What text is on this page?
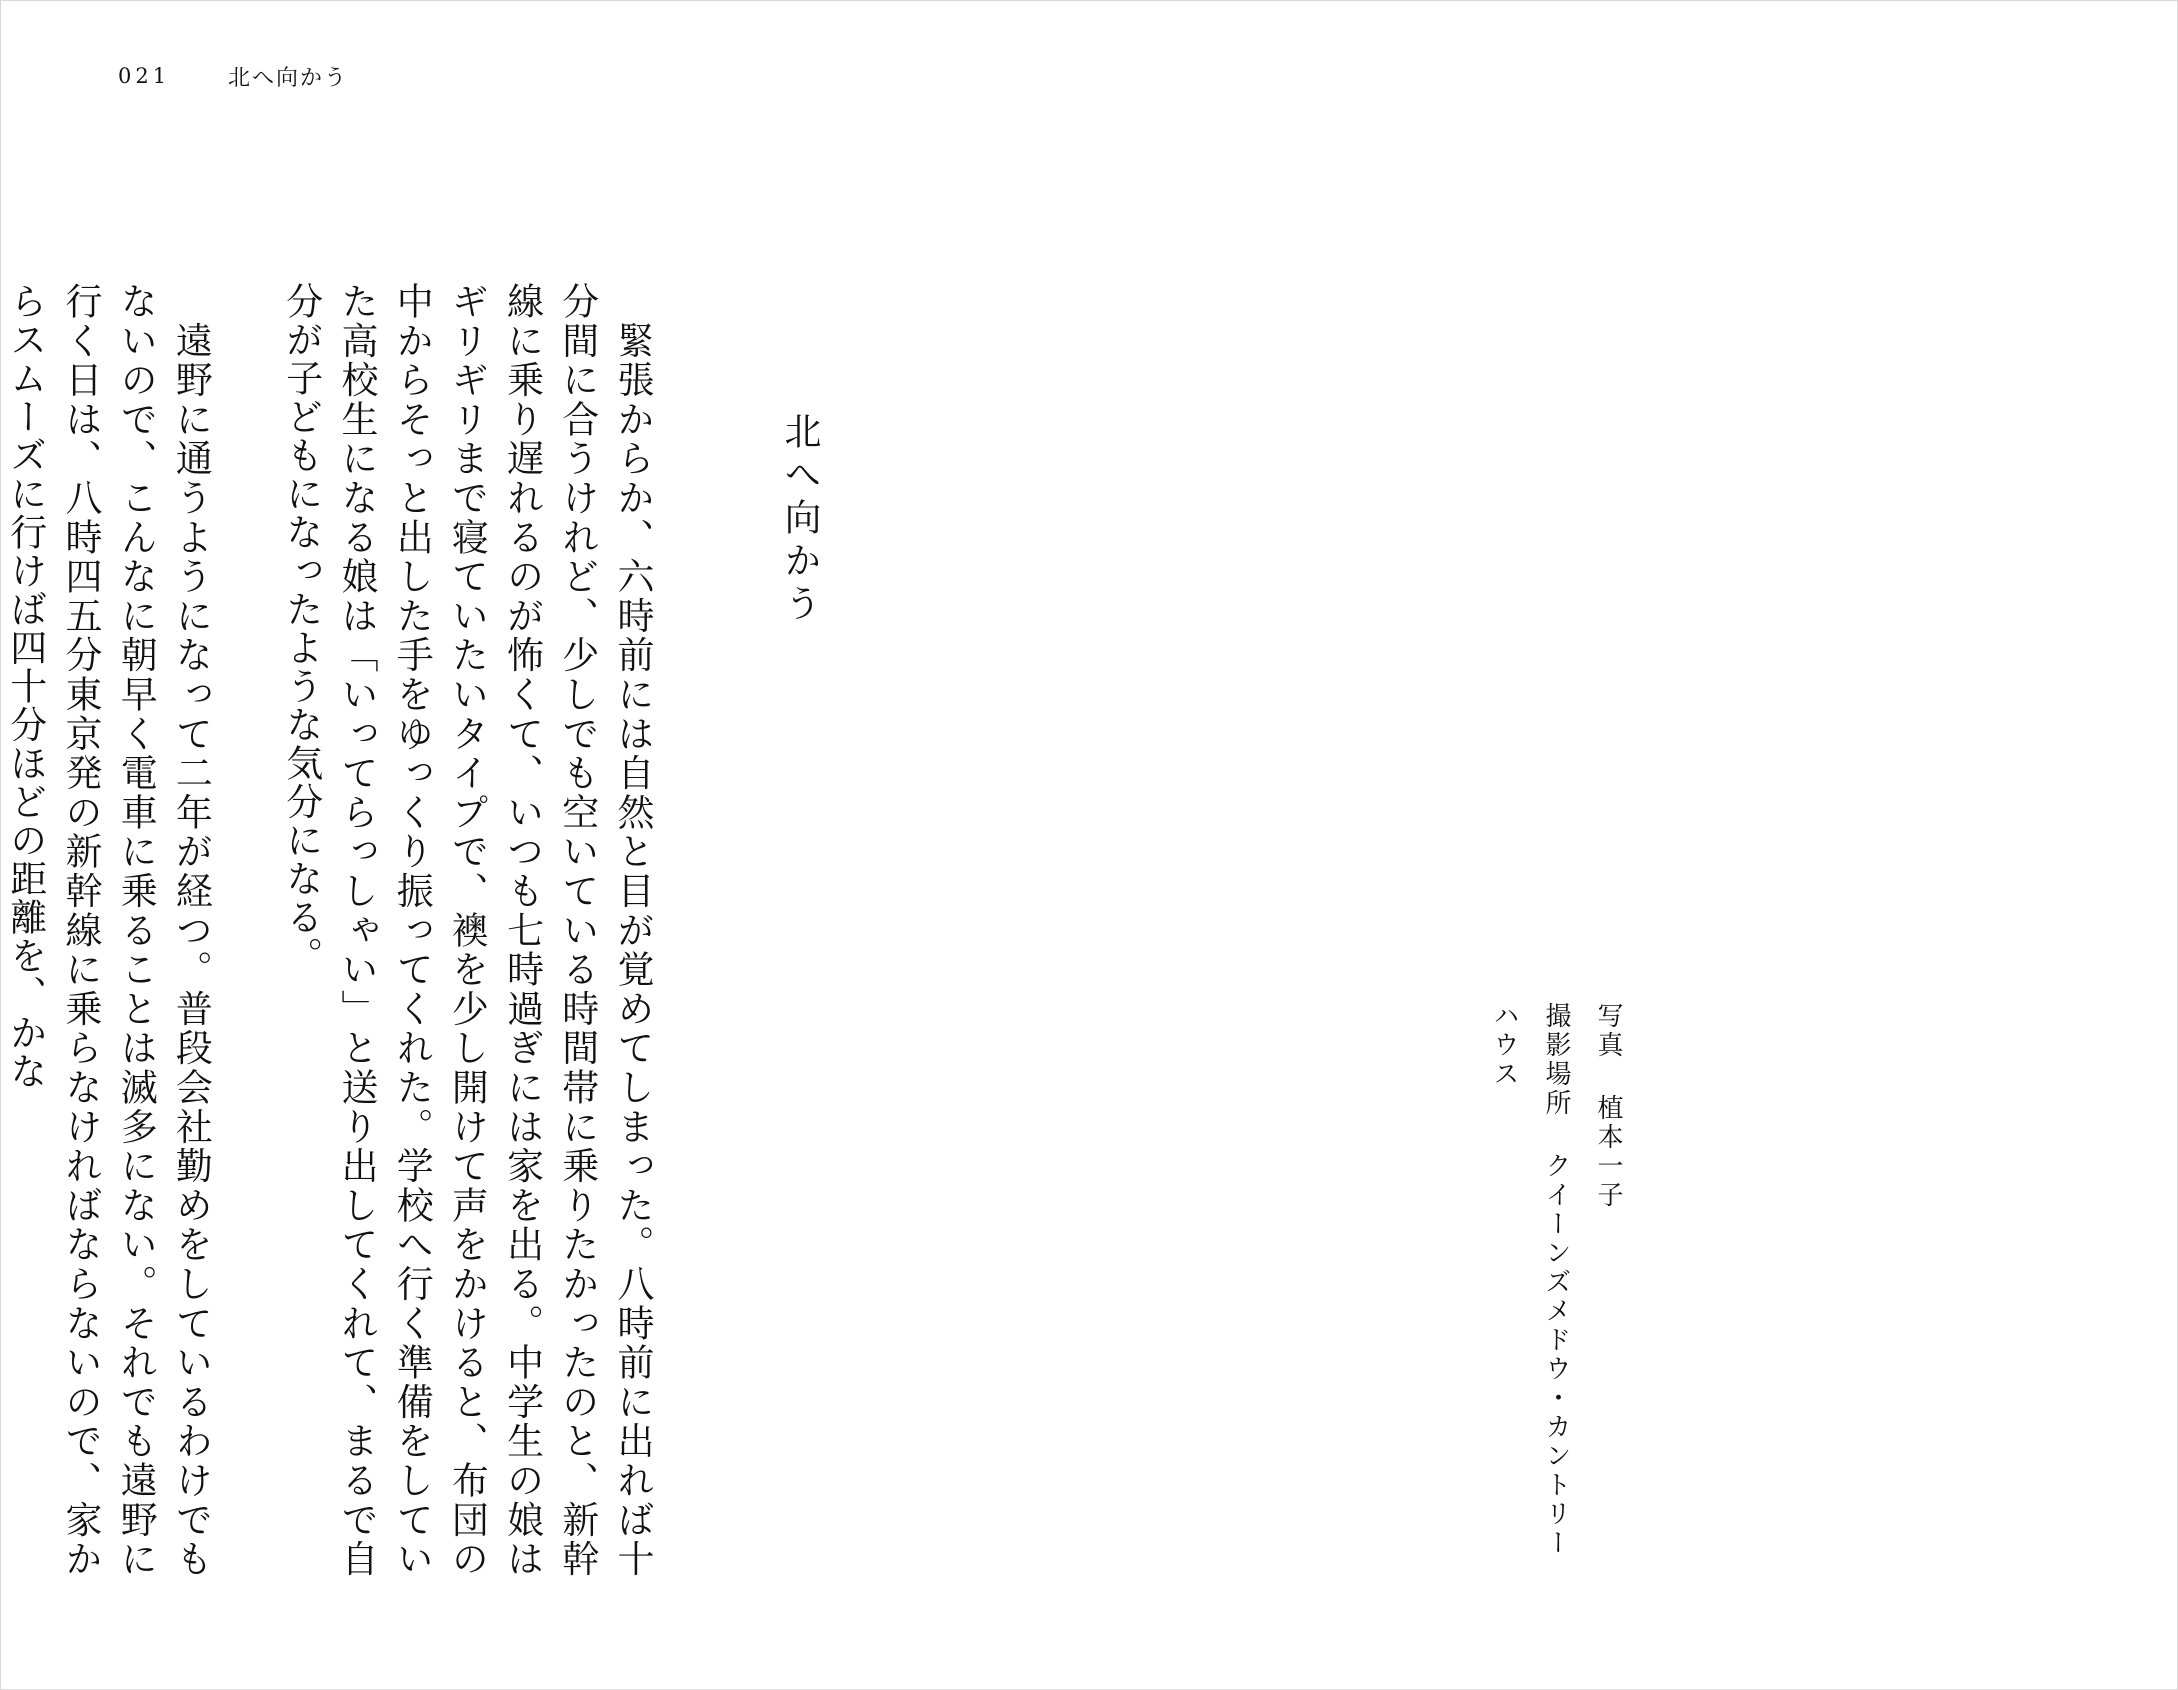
021	北へ向かう
北へ向かう

　緊張からか、六時前には自然と目が覚めてしまった。八時前に出れば十分間に合うけれど、少しでも空いている時間帯に乗りたかったのと、新幹線に乗り遅れるのが怖くて、いつも七時過ぎには家を出る。中学生の娘はギリギリまで寝ていたいタイプで、襖を少し開けて声をかけると、布団の中からそっと出した手をゆっくり振ってくれた。学校へ行く準備をしていた高校生になる娘は「いってらっしゃい」と送り出してくれて、まるで自分が子どもになったような気分になる。

　遠野に通うようになって二年が経つ。普段会社勤めをしているわけでもないので、こんなに朝早く電車に乗ることは滅多にない。それでも遠野に行く日は、八時四五分東京発の新幹線に乗らなければならないので、家からスムーズに行けば四十分ほどの距離を、かな	写真植本一子
撮影場所クイーンズメドウ・カントリーハウス
